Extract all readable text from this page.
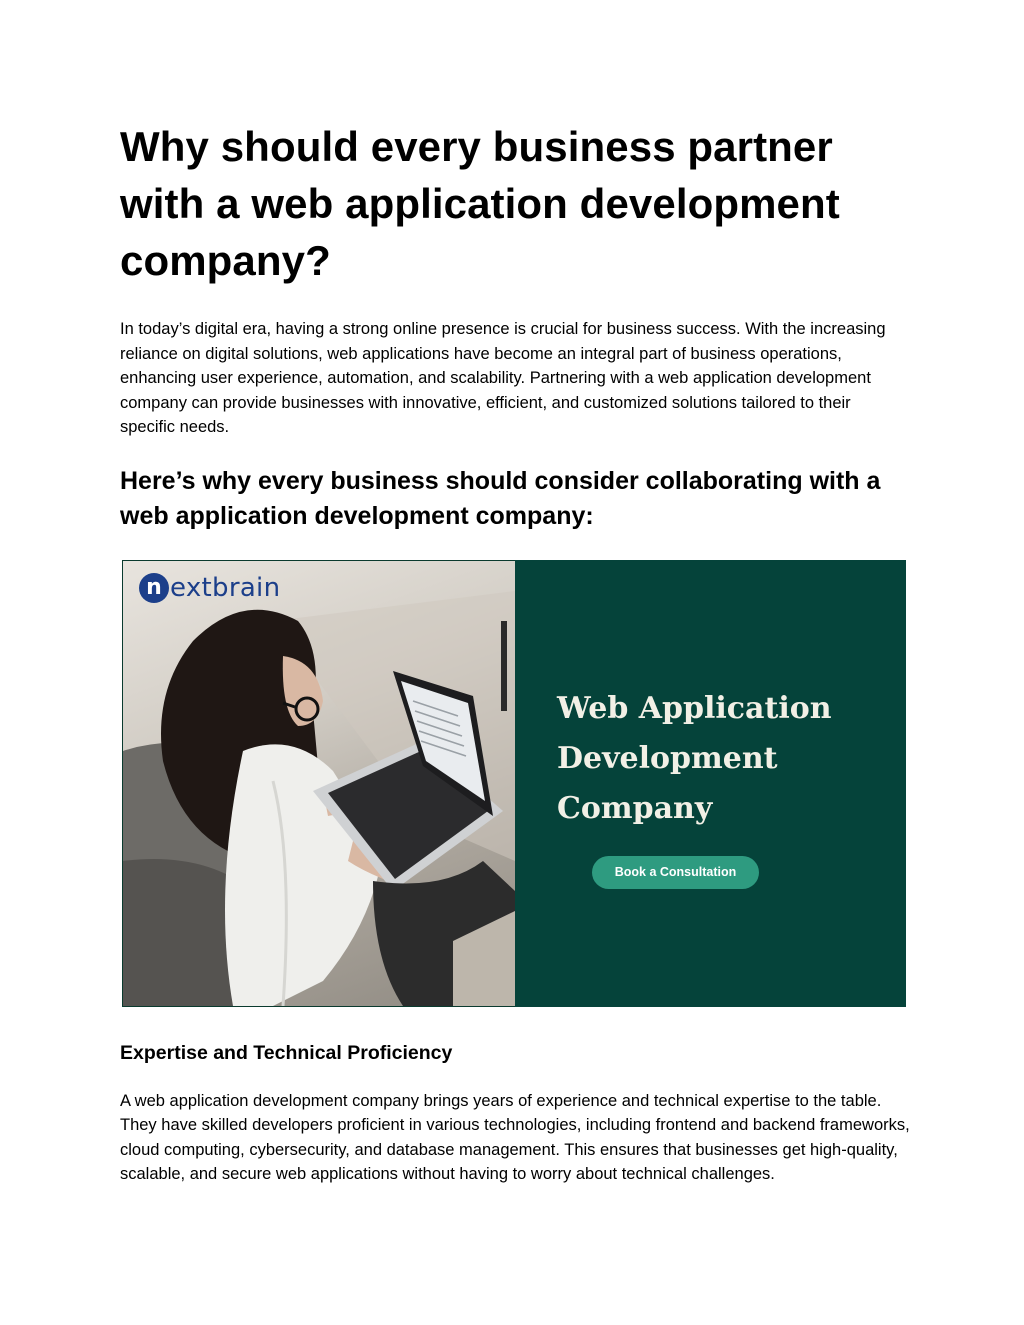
Why should every business partner with a web application development company?

In today’s digital era, having a strong online presence is crucial for business success. With the increasing reliance on digital solutions, web applications have become an integral part of business operations, enhancing user experience, automation, and scalability. Partnering with a web application development company can provide businesses with innovative, efficient, and customized solutions tailored to their specific needs.

Here’s why every business should consider collaborating with a web application development company:
n extbrain
Web Application
Development
Company
Book a Consultation
Expertise and Technical Proficiency

A web application development company brings years of experience and technical expertise to the table. They have skilled developers proficient in various technologies, including frontend and backend frameworks, cloud computing, cybersecurity, and database management. This ensures that businesses get high-quality, scalable, and secure web applications without having to worry about technical challenges.
